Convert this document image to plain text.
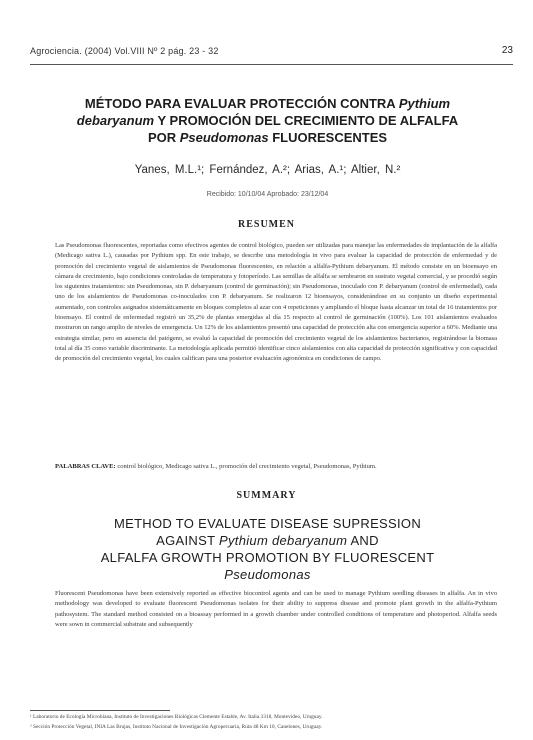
Agrociencia. (2004) Vol.VIII Nº 2 pág. 23 - 32	23
MÉTODO PARA EVALUAR PROTECCIÓN CONTRA Pythium
debaryanum Y PROMOCIÓN DEL CRECIMIENTO DE ALFALFA
POR Pseudomonas FLUORESCENTES
Yanes, M.L.¹; Fernández, A.²; Arias, A.¹; Altier, N.²
Recibido: 10/10/04 Aprobado: 23/12/04
RESUMEN

Las Pseudomonas fluorescentes, reportadas como efectivos agentes de control biológico, pueden ser utilizadas para manejar las enfermedades de implantación de la alfalfa (Medicago sativa L.), causadas por Pythium spp. En este trabajo, se describe una metodología in vivo para evaluar la capacidad de protección de enfermedad y de promoción del crecimiento vegetal de aislamientos de Pseudomonas fluorescentes, en relación a alfalfa-Pythium debaryanum. El método consiste en un bioensayo en cámara de crecimiento, bajo condiciones controladas de temperatura y fotoperíodo. Las semillas de alfalfa se sembraron en sustrato vegetal comercial, y se procedió según los siguientes tratamientos: sin Pseudomonas, sin P. debaryanum (control de germinación); sin Pseudomonas, inoculado con P. debaryanum (control de enfermedad), cada uno de los aislamientos de Pseudomonas co-inoculados con P. debaryanum. Se realizaron 12 bioensayos, considerándose en su conjunto un diseño experimental aumentado, con controles asignados sistemáticamente en bloques completos al azar con 4 repeticiones y ampliando el bloque hasta alcanzar un total de 16 tratamientos por bioensayo. El control de enfermedad registró un 35,2% de plantas emergidas al día 15 respecto al control de germinación (100%). Los 101 aislamientos evaluados mostraron un rango amplio de niveles de emergencia. Un 12% de los aislamientos presentó una capacidad de protección alta con emergencia superior a 60%. Mediante una estrategia similar, pero en ausencia del patógeno, se evaluó la capacidad de promoción del crecimiento vegetal de los aislamientos bacterianos, registrándose la biomasa total al día 35 como variable discriminante. La metodología aplicada permitió identificar cinco aislamientos con alta capacidad de protección significativa y con capacidad de promoción del crecimiento vegetal, los cuales califican para una posterior evaluación agronómica en condiciones de campo.

PALABRAS CLAVE: control biológico, Medicago sativa L., promoción del crecimiento vegetal, Pseudomonas, Pythium.

SUMMARY
METHOD TO EVALUATE DISEASE SUPRESSION
AGAINST Pythium debaryanum AND
ALFALFA GROWTH PROMOTION BY FLUORESCENT
Pseudomonas

Fluorescent Pseudomonas have been extensively reported as effective biocontrol agents and can be used to manage Pythium seedling diseases in alfalfa. An in vivo methodology was developed to evaluate fluorescent Pseudomonas isolates for their ability to suppress disease and promote plant growth in the alfalfa-Pythium pathosystem. The standard method consisted on a bioassay performed in a growth chamber under controlled conditions of temperature and photoperiod. Alfalfa seeds were sown in commercial substrate and subsequently

¹ Laboratorio de Ecología Microbiana, Instituto de Investigaciones Biológicas Clemente Estable, Av. Italia 3318, Montevideo, Uruguay.
² Sección Protección Vegetal, INIA Las Brujas, Instituto Nacional de Investigación Agropecuaria, Ruta 48 Km 10, Canelones, Uruguay.
